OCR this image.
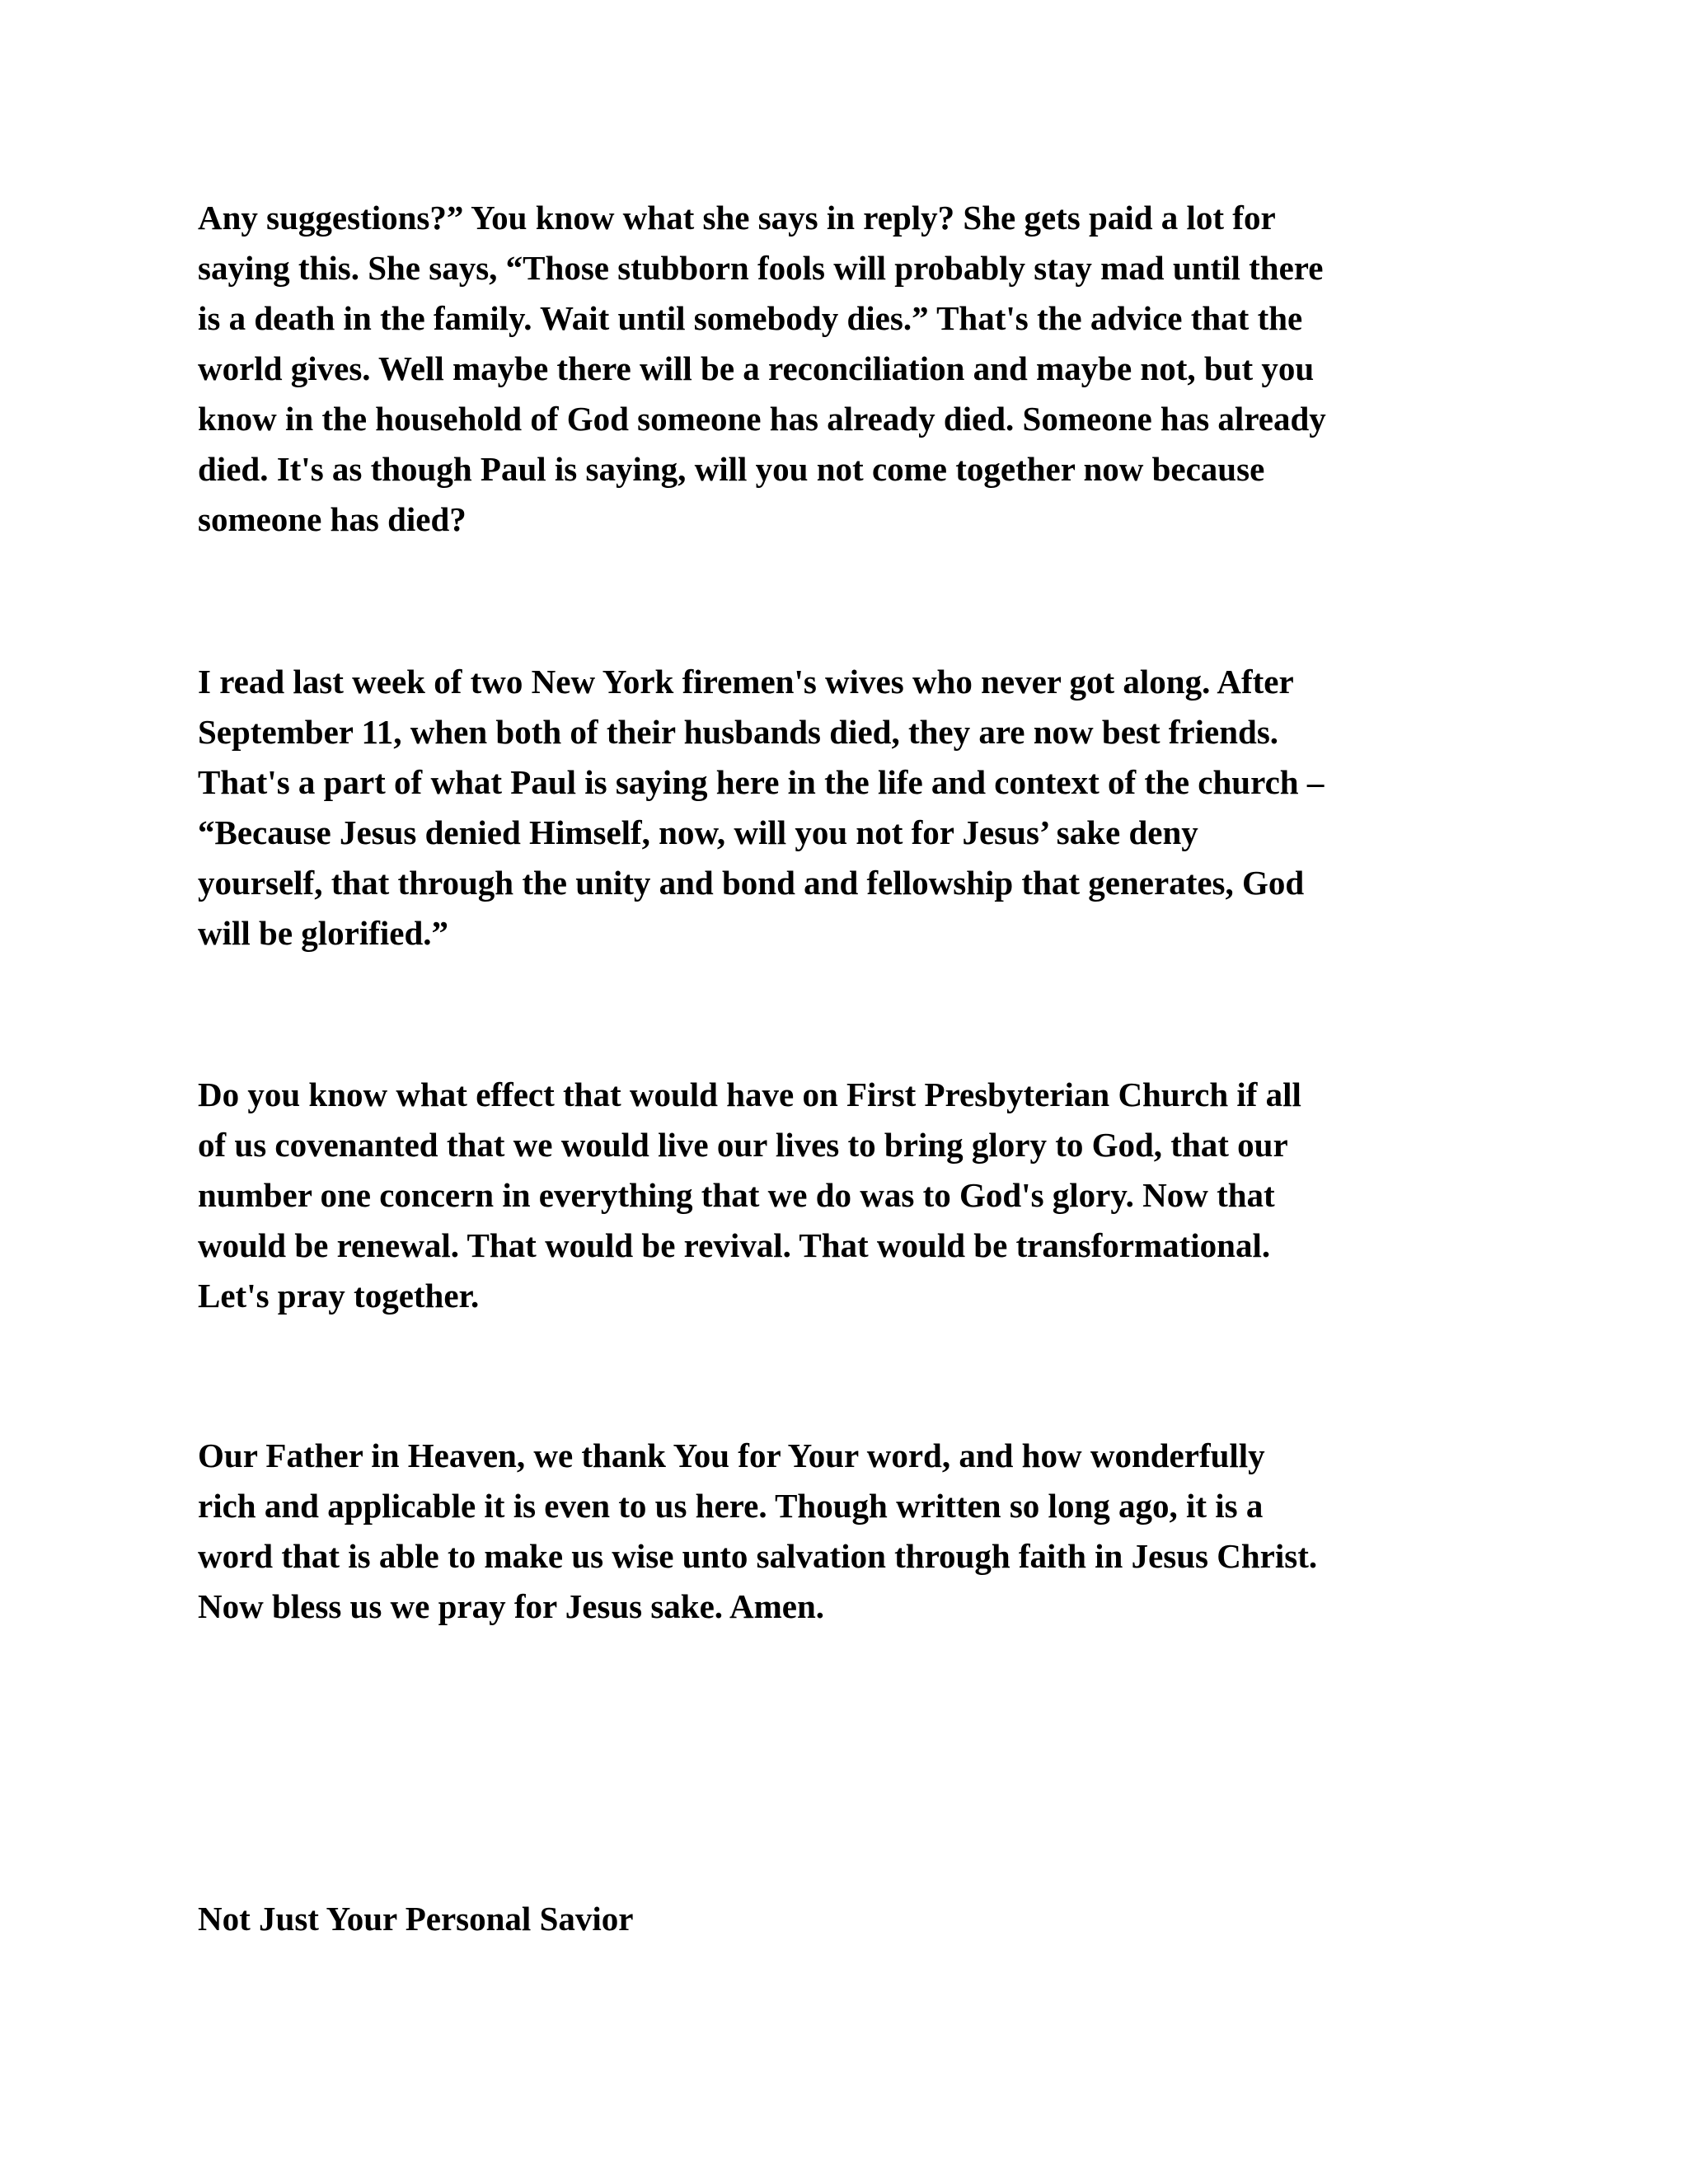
Any suggestions?” You know what she says in reply? She gets paid a lot for
saying this. She says, “Those stubborn fools will probably stay mad until there
is a death in the family. Wait until somebody dies.” That's the advice that the
world gives. Well maybe there will be a reconciliation and maybe not, but you
know in the household of God someone has already died. Someone has already
died. It's as though Paul is saying, will you not come together now because
someone has died?

I read last week of two New York firemen's wives who never got along. After
September 11, when both of their husbands died, they are now best friends.
That's a part of what Paul is saying here in the life and context of the church –
“Because Jesus denied Himself, now, will you not for Jesus’ sake deny
yourself, that through the unity and bond and fellowship that generates, God
will be glorified.”

Do you know what effect that would have on First Presbyterian Church if all
of us covenanted that we would live our lives to bring glory to God, that our
number one concern in everything that we do was to God's glory. Now that
would be renewal. That would be revival. That would be transformational.
Let's pray together.

Our Father in Heaven, we thank You for Your word, and how wonderfully
rich and applicable it is even to us here. Though written so long ago, it is a
word that is able to make us wise unto salvation through faith in Jesus Christ.
Now bless us we pray for Jesus sake. Amen.

Not Just Your Personal Savior
